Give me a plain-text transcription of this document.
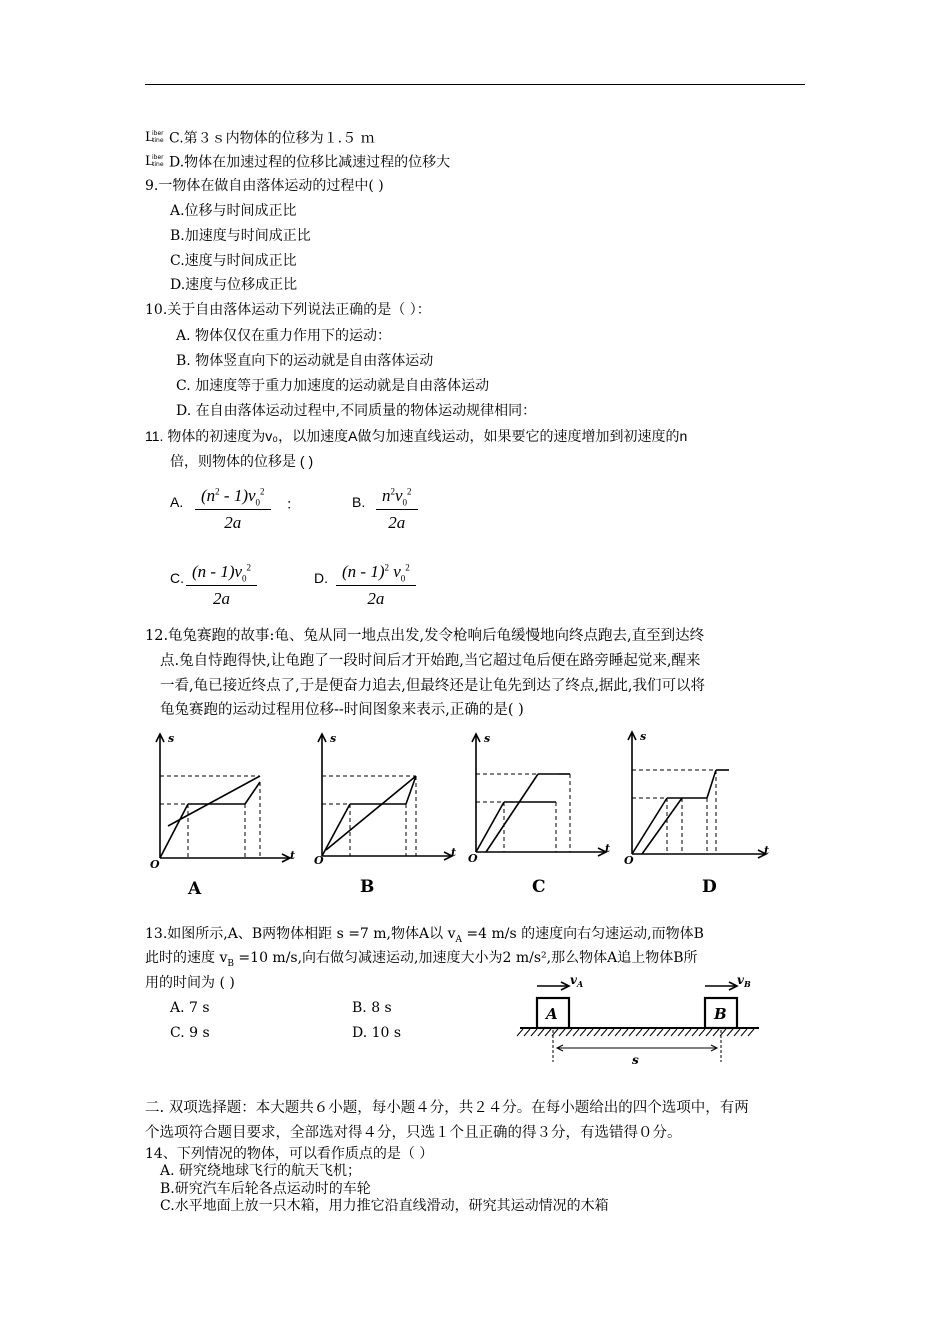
L
iber
tine C.第３ｓ内物体的位移为１.５ ｍ
L
iber
tine D.物体在加速过程的位移比减速过程的位移大
9.一物体在做自由落体运动的过程中( )
A.位移与时间成正比
B.加速度与时间成正比
C.速度与时间成正比
D.速度与位移成正比
10.关于自由落体运动下列说法正确的是（ ）：
A. 物体仅仅在重力作用下的运动：
B. 物体竖直向下的运动就是自由落体运动
C. 加速度等于重力加速度的运动就是自由落体运动
D. 在自由落体运动过程中,不同质量的物体运动规律相同：
11. 物体的初速度为v₀，以加速度A做匀加速直线运动，如果要它的速度增加到初速度的n
倍，则物体的位移是 ( )
A. $\frac{(n^2 - 1)v_0^2}{2a}$ ：	B. $\frac{n^2v_0^2}{2a}$
C. $\frac{(n - 1)v_0^2}{2a}$	D. $\frac{(n - 1)^2 v_0^2}{2a}$
12.龟兔赛跑的故事:龟、兔从同一地点出发,发令枪响后龟缓慢地向终点跑去,直至到达终
点.兔自恃跑得快,让龟跑了一段时间后才开始跑,当它超过龟后便在路旁睡起觉来,醒来
一看,龟已接近终点了,于是便奋力追去,但最终还是让龟先到达了终点,据此,我们可以将
龟兔赛跑的运动过程用位移--时间图象来表示,正确的是( )
s
t
O
A
s
t
O
B
s
t
O
C
s
t
O
D
13.如图所示,A、B两物体相距 s =7 m,物体A以 $v_A =4$ m/s 的速度向右匀速运动,而物体B
此时的速度 $v_B =10$ m/s,向右做匀减速运动,加速度大小为2 m/s²,那么物体A追上物体B所
用的时间为 ( )
A. 7 s	B. 8 s
C. 9 s	D. 10 s
A	B
$v_A$	$v_B$
s
二. 双项选择题：本大题共６小题，每小题４分，共２４分。在每小题给出的四个选项中，有两
个选项符合题目要求，全部选对得４分，只选１个且正确的得３分，有选错得０分。
14、下列情况的物体，可以看作质点的是（ ）
A. 研究绕地球飞行的航天飞机；
B.研究汽车后轮各点运动时的车轮
C.水平地面上放一只木箱，用力推它沿直线滑动，研究其运动情况的木箱
